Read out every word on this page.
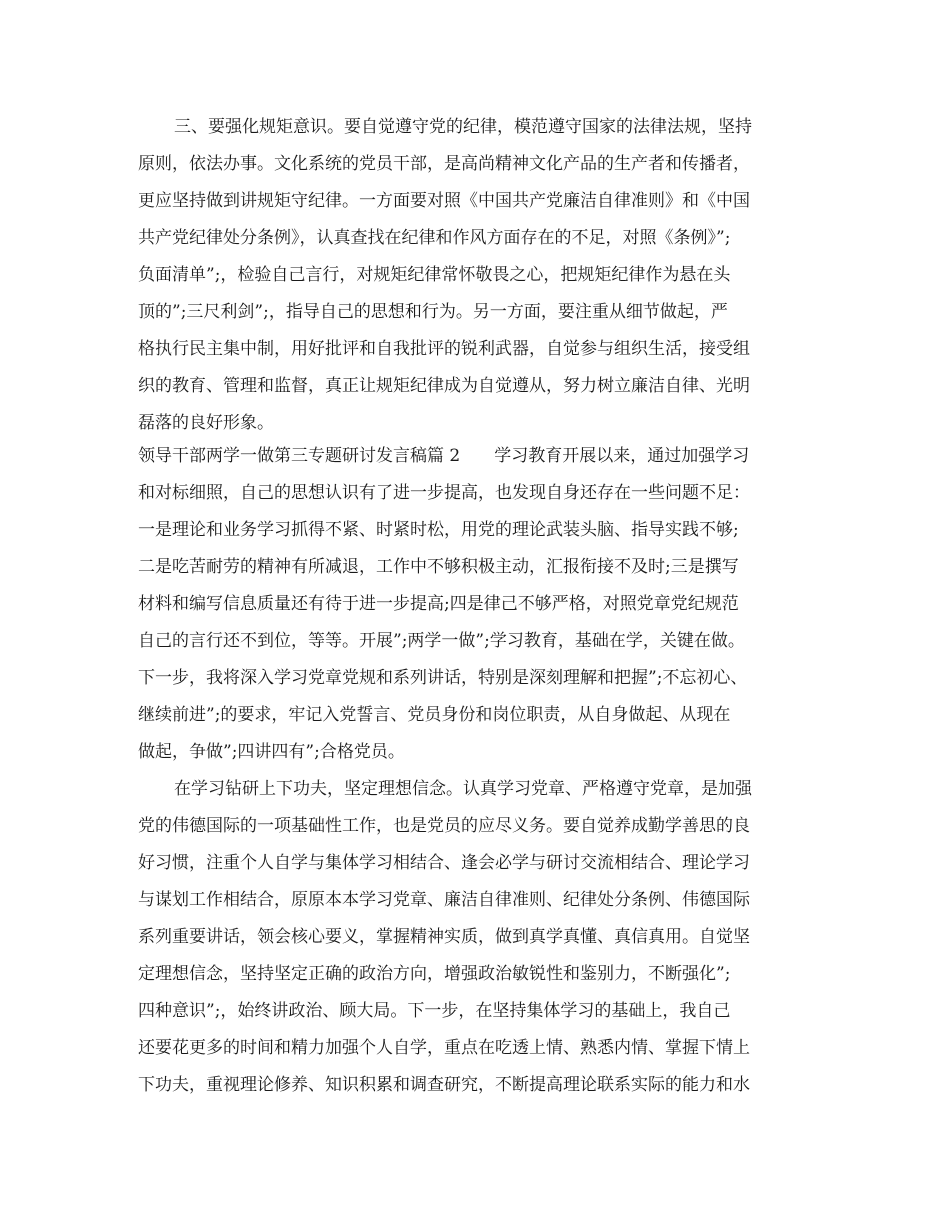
三、要强化规矩意识。要自觉遵守党的纪律，模范遵守国家的法律法规，坚持
原则，依法办事。文化系统的党员干部，是高尚精神文化产品的生产者和传播者，
更应坚持做到讲规矩守纪律。一方面要对照《中国共产党廉洁自律准则》和《中国
共产党纪律处分条例》，认真查找在纪律和作风方面存在的不足，对照《条例》”;
负面清单”;，检验自己言行，对规矩纪律常怀敬畏之心，把规矩纪律作为悬在头
顶的”;三尺利剑”;，指导自己的思想和行为。另一方面，要注重从细节做起，严
格执行民主集中制，用好批评和自我批评的锐利武器，自觉参与组织生活，接受组
织的教育、管理和监督，真正让规矩纪律成为自觉遵从，努力树立廉洁自律、光明
磊落的良好形象。
领导干部两学一做第三专题研讨发言稿篇 2　　学习教育开展以来，通过加强学习
和对标细照，自己的思想认识有了进一步提高，也发现自身还存在一些问题不足：
一是理论和业务学习抓得不紧、时紧时松，用党的理论武装头脑、指导实践不够;
二是吃苦耐劳的精神有所减退，工作中不够积极主动，汇报衔接不及时;三是撰写
材料和编写信息质量还有待于进一步提高;四是律己不够严格，对照党章党纪规范
自己的言行还不到位，等等。开展”;两学一做”;学习教育，基础在学，关键在做。
下一步，我将深入学习党章党规和系列讲话，特别是深刻理解和把握”;不忘初心、
继续前进”;的要求，牢记入党誓言、党员身份和岗位职责，从自身做起、从现在
做起，争做”;四讲四有”;合格党员。
在学习钻研上下功夫，坚定理想信念。认真学习党章、严格遵守党章，是加强
党的伟德国际的一项基础性工作，也是党员的应尽义务。要自觉养成勤学善思的良
好习惯，注重个人自学与集体学习相结合、逢会必学与研讨交流相结合、理论学习
与谋划工作相结合，原原本本学习党章、廉洁自律准则、纪律处分条例、伟德国际
系列重要讲话，领会核心要义，掌握精神实质，做到真学真懂、真信真用。自觉坚
定理想信念，坚持坚定正确的政治方向，增强政治敏锐性和鉴别力，不断强化”;
四种意识”;，始终讲政治、顾大局。下一步，在坚持集体学习的基础上，我自己
还要花更多的时间和精力加强个人自学，重点在吃透上情、熟悉内情、掌握下情上
下功夫，重视理论修养、知识积累和调查研究，不断提高理论联系实际的能力和水
